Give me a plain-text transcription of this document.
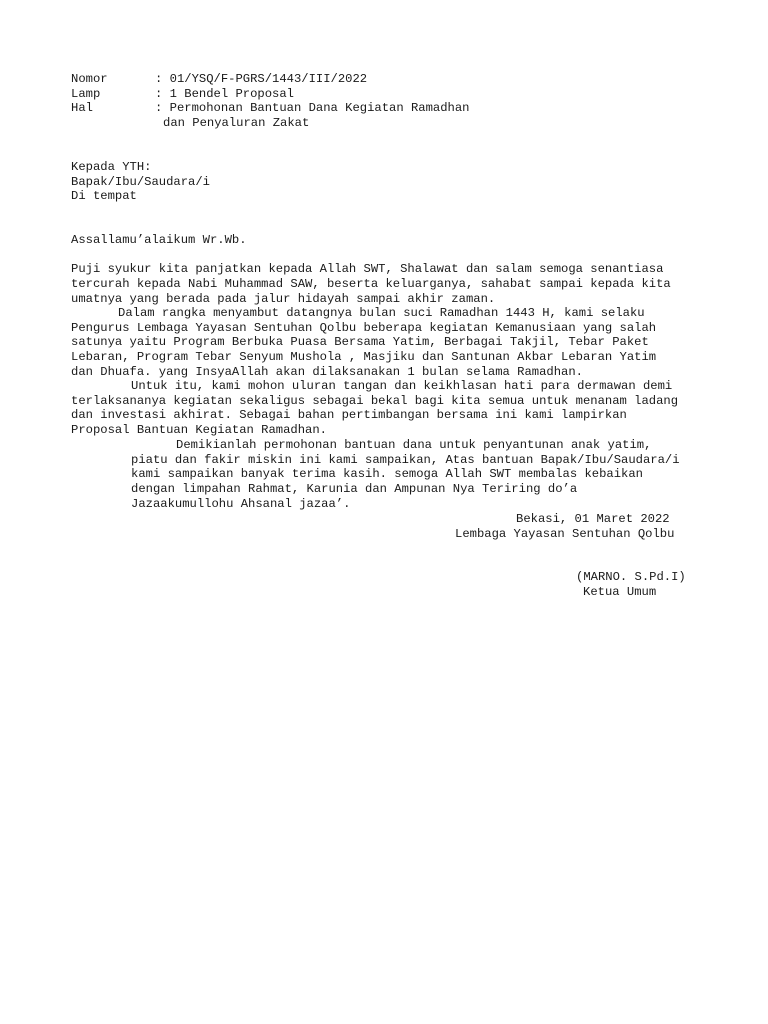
Nomor	: 01/YSQ/F-PGRS/1443/III/2022
Lamp	: 1 Bendel Proposal
Hal	: Permohonan Bantuan Dana Kegiatan Ramadhan
dan Penyaluran Zakat
Kepada YTH:
Bapak/Ibu/Saudara/i
Di tempat
Assallamu’alaikum Wr.Wb.
Puji syukur kita panjatkan kepada Allah SWT, Shalawat dan salam semoga senantiasa
tercurah kepada Nabi Muhammad SAW, beserta keluarganya, sahabat sampai kepada kita
umatnya yang berada pada jalur hidayah sampai akhir zaman.
Dalam rangka menyambut datangnya bulan suci Ramadhan 1443 H, kami selaku
Pengurus Lembaga Yayasan Sentuhan Qolbu beberapa kegiatan Kemanusiaan yang salah
satunya yaitu Program Berbuka Puasa Bersama Yatim, Berbagai Takjil, Tebar Paket
Lebaran, Program Tebar Senyum Mushola , Masjiku dan Santunan Akbar Lebaran Yatim
dan Dhuafa. yang InsyaAllah akan dilaksanakan 1 bulan selama Ramadhan.
Untuk itu, kami mohon uluran tangan dan keikhlasan hati para dermawan demi
terlaksananya kegiatan sekaligus sebagai bekal bagi kita semua untuk menanam ladang
dan investasi akhirat. Sebagai bahan pertimbangan bersama ini kami lampirkan
Proposal Bantuan Kegiatan Ramadhan.
Demikianlah permohonan bantuan dana untuk penyantunan anak yatim,
piatu dan fakir miskin ini kami sampaikan, Atas bantuan Bapak/Ibu/Saudara/i
kami sampaikan banyak terima kasih. semoga Allah SWT membalas kebaikan
dengan limpahan Rahmat, Karunia dan Ampunan Nya Teriring do’a
Jazaakumullohu Ahsanal jazaa’.
Bekasi, 01 Maret 2022
Lembaga Yayasan Sentuhan Qolbu
(MARNO. S.Pd.I)
Ketua Umum
